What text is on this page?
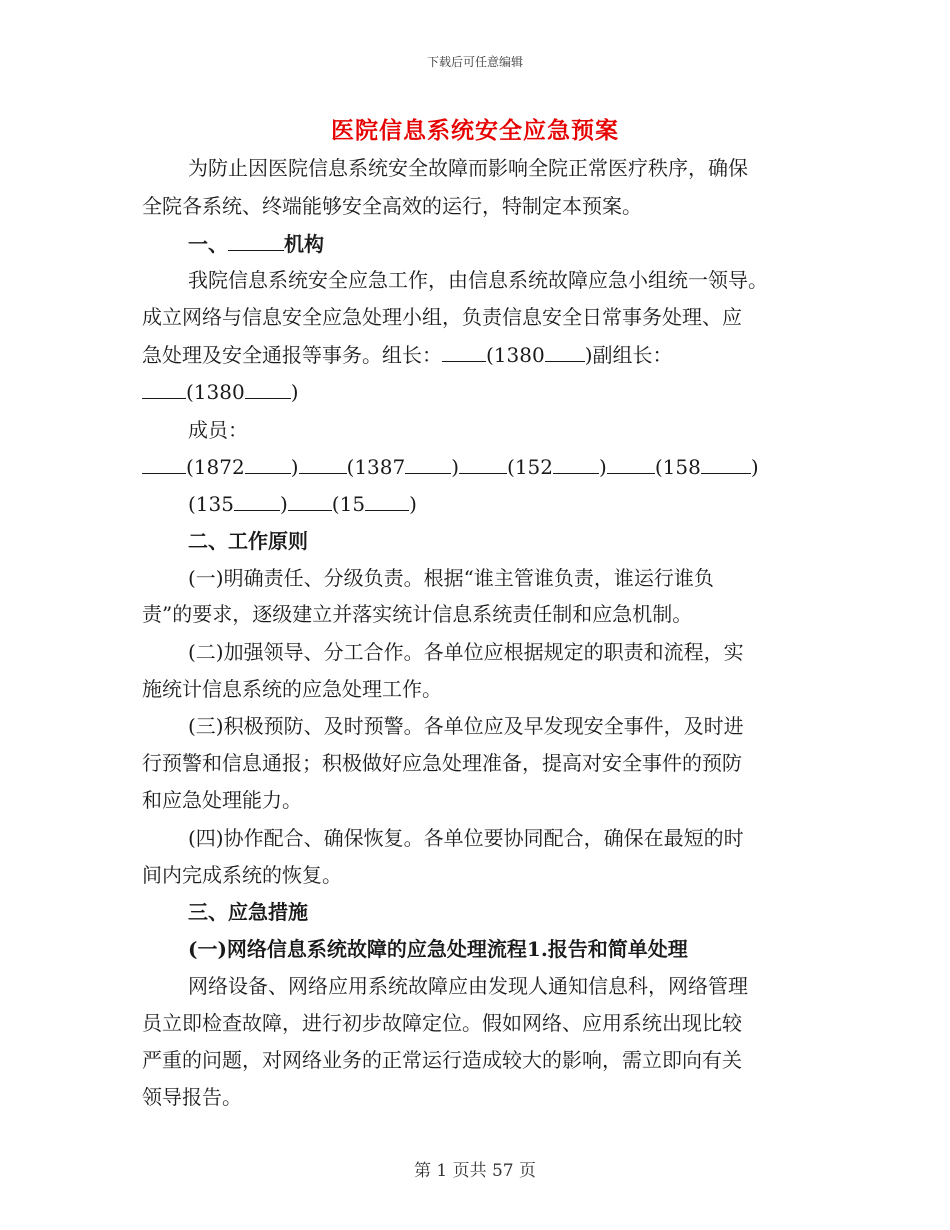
下载后可任意编辑
医院信息系统安全应急预案
为防止因医院信息系统安全故障而影响全院正常医疗秩序，确保
全院各系统、终端能够安全高效的运行，特制定本预案。
一、	机构
我院信息系统安全应急工作，由信息系统故障应急小组统一领导。
成立网络与信息安全应急处理小组，负责信息安全日常事务处理、应
急处理及安全通报等事务。组长： (1380 )副组长：
(1380 )
成员：
(1872 ) (1387 ) (152 ) (158	)
(135 ) (15 )
二、工作原则
(一)明确责任、分级负责。根据“谁主管谁负责，谁运行谁负
责”的要求，逐级建立并落实统计信息系统责任制和应急机制。
(二)加强领导、分工合作。各单位应根据规定的职责和流程，实
施统计信息系统的应急处理工作。
(三)积极预防、及时预警。各单位应及早发现安全事件，及时进
行预警和信息通报；积极做好应急处理准备，提高对安全事件的预防
和应急处理能力。
(四)协作配合、确保恢复。各单位要协同配合，确保在最短的时
间内完成系统的恢复。
三、应急措施
(一)网络信息系统故障的应急处理流程1.报告和简单处理
网络设备、网络应用系统故障应由发现人通知信息科，网络管理
员立即检查故障，进行初步故障定位。假如网络、应用系统出现比较
严重的问题，对网络业务的正常运行造成较大的影响，需立即向有关
领导报告。
第 1 页共 57 页
